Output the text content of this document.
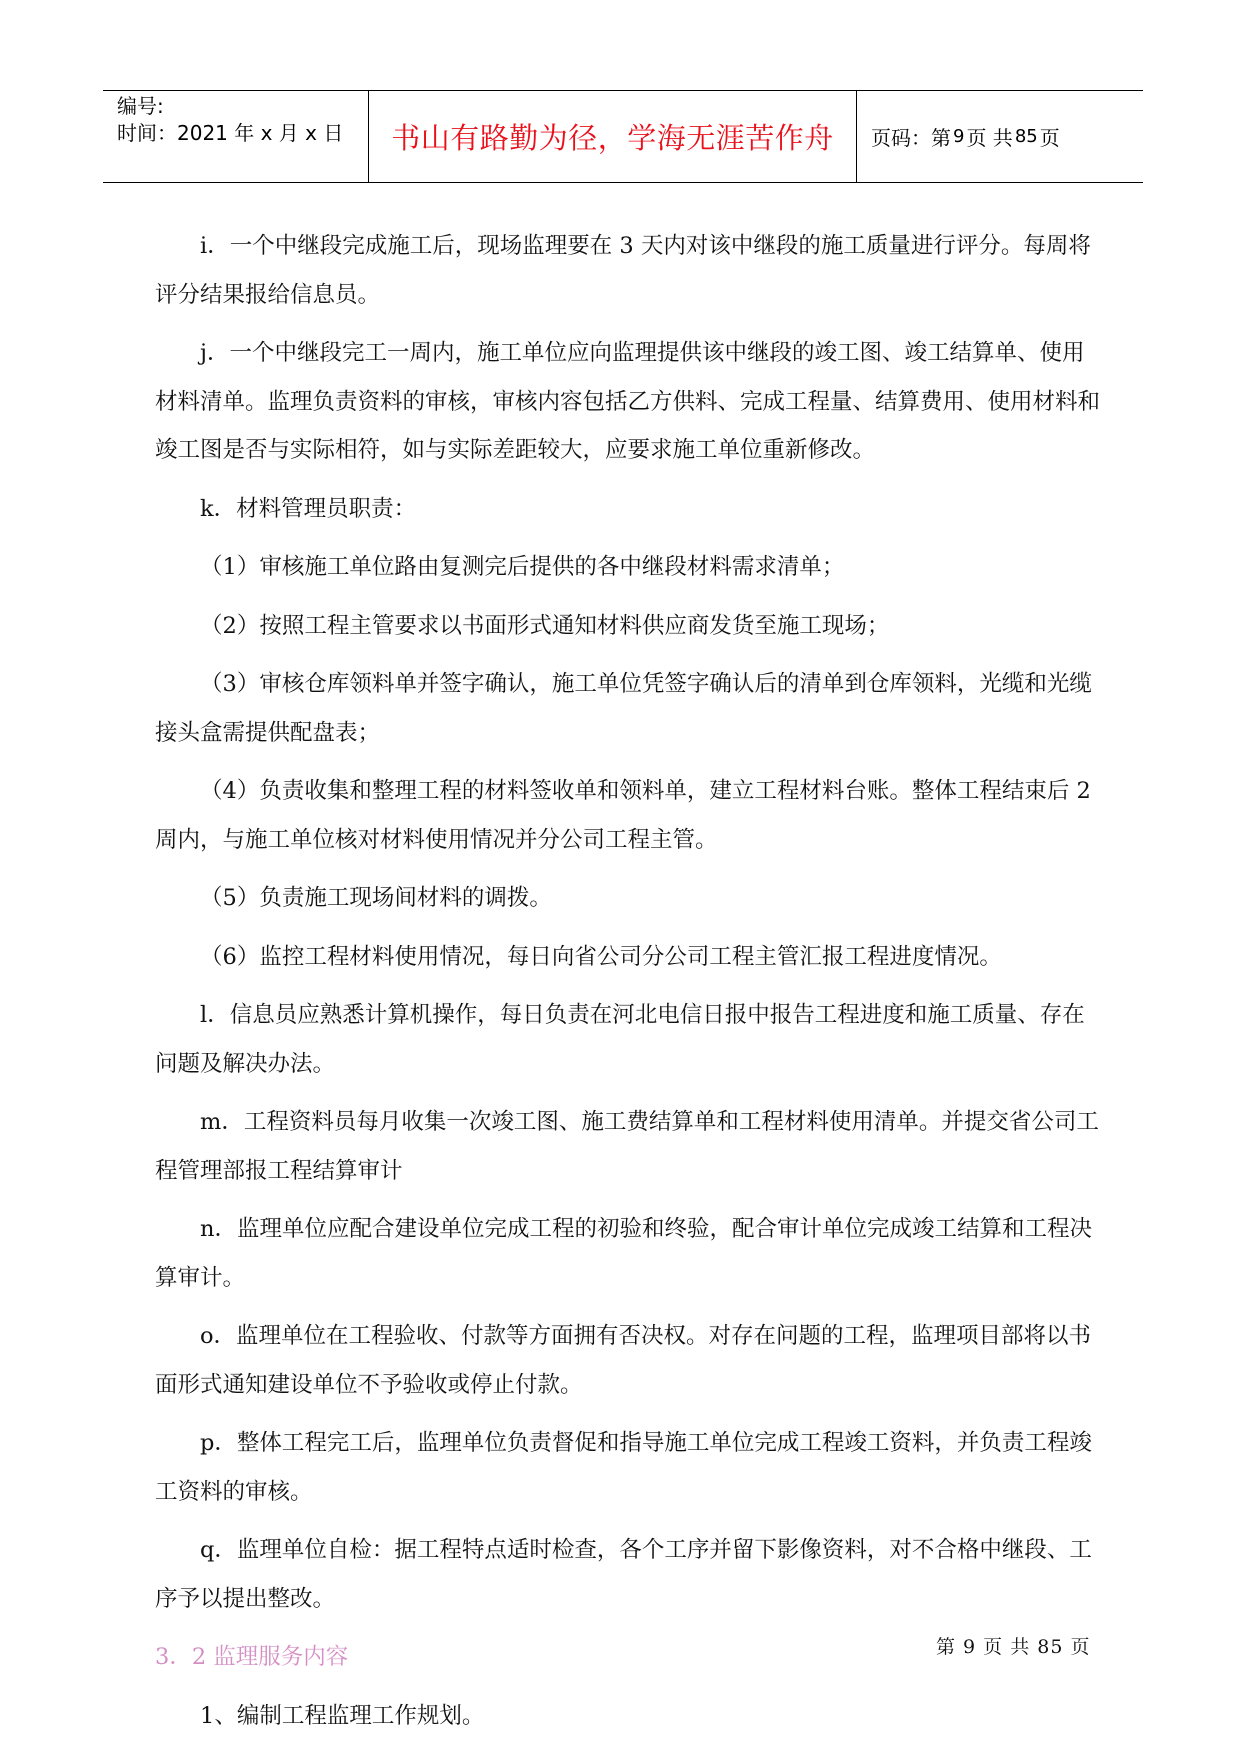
编号:
时间：2021 年 x 月 x 日	书山有路勤为径，学海无涯苦作舟	页码：第 9 页 共 85 页

i．一个中继段完成施工后，现场监理要在 3 天内对该中继段的施工质量进行评分。每周将评分结果报给信息员。

j．一个中继段完工一周内，施工单位应向监理提供该中继段的竣工图、竣工结算单、使用材料清单。监理负责资料的审核，审核内容包括乙方供料、完成工程量、结算费用、使用材料和竣工图是否与实际相符，如与实际差距较大，应要求施工单位重新修改。

k．材料管理员职责：

（1）审核施工单位路由复测完后提供的各中继段材料需求清单；

（2）按照工程主管要求以书面形式通知材料供应商发货至施工现场；

（3）审核仓库领料单并签字确认，施工单位凭签字确认后的清单到仓库领料，光缆和光缆接头盒需提供配盘表；

（4）负责收集和整理工程的材料签收单和领料单，建立工程材料台账。整体工程结束后 2 周内，与施工单位核对材料使用情况并分公司工程主管。

（5）负责施工现场间材料的调拨。

（6）监控工程材料使用情况，每日向省公司分公司工程主管汇报工程进度情况。

l．信息员应熟悉计算机操作，每日负责在河北电信日报中报告工程进度和施工质量、存在问题及解决办法。

m．工程资料员每月收集一次竣工图、施工费结算单和工程材料使用清单。并提交省公司工程管理部报工程结算审计

n．监理单位应配合建设单位完成工程的初验和终验，配合审计单位完成竣工结算和工程决算审计。

o．监理单位在工程验收、付款等方面拥有否决权。对存在问题的工程，监理项目部将以书面形式通知建设单位不予验收或停止付款。

p．整体工程完工后，监理单位负责督促和指导施工单位完成工程竣工资料，并负责工程竣工资料的审核。

q．监理单位自检：据工程特点适时检查，各个工序并留下影像资料，对不合格中继段、工序予以提出整改。

3．2 监理服务内容

1、编制工程监理工作规划。

第 9 页 共 85 页
